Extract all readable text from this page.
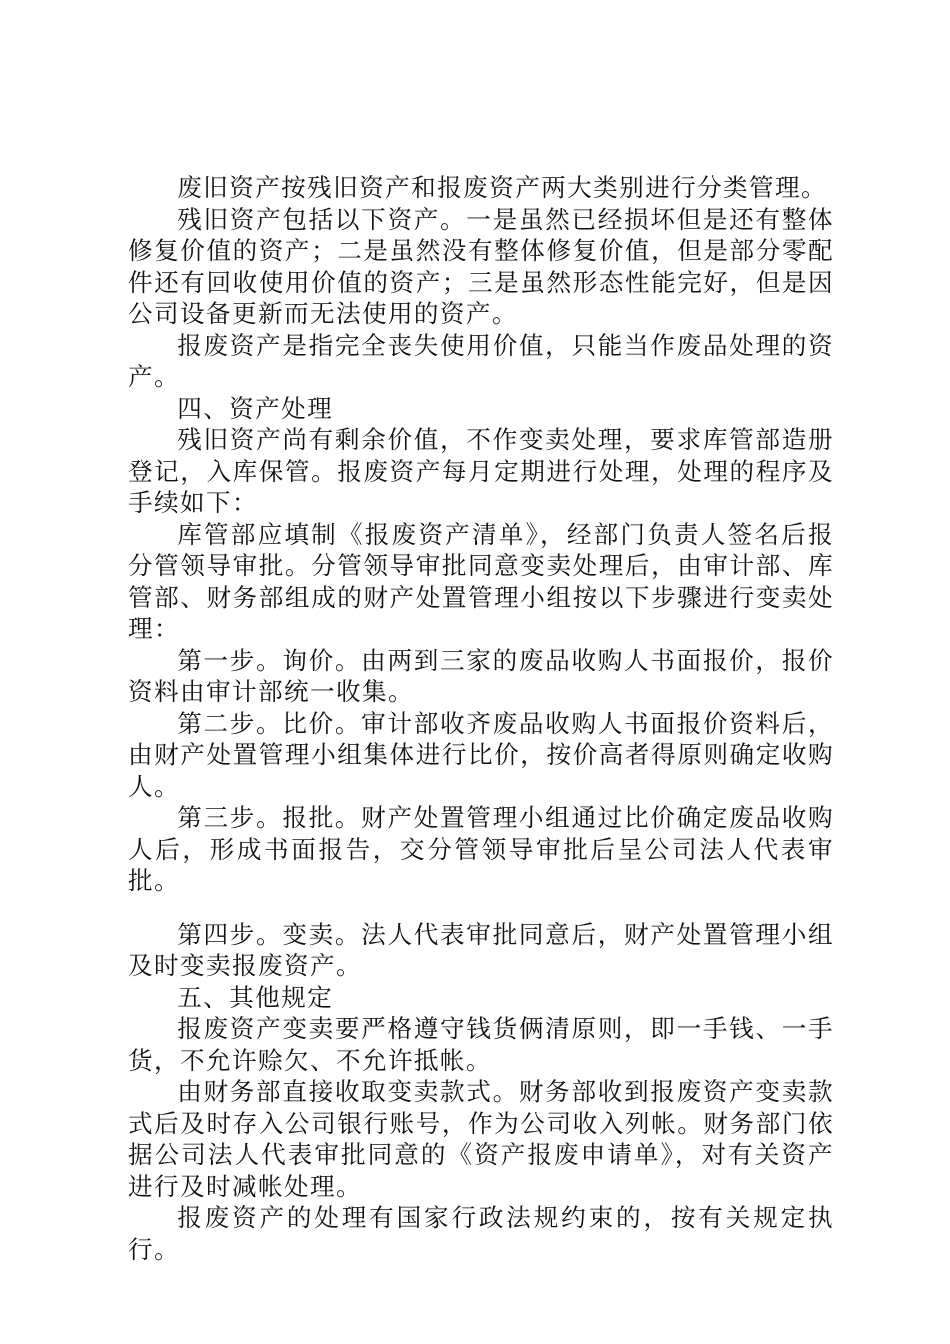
废旧资产按残旧资产和报废资产两大类别进行分类管理。

残旧资产包括以下资产。一是虽然已经损坏但是还有整体修复价值的资产；二是虽然没有整体修复价值，但是部分零配件还有回收使用价值的资产；三是虽然形态性能完好，但是因公司设备更新而无法使用的资产。

报废资产是指完全丧失使用价值，只能当作废品处理的资产。

四、资产处理

残旧资产尚有剩余价值，不作变卖处理，要求库管部造册登记，入库保管。报废资产每月定期进行处理，处理的程序及手续如下：

库管部应填制《报废资产清单》，经部门负责人签名后报分管领导审批。分管领导审批同意变卖处理后，由审计部、库管部、财务部组成的财产处置管理小组按以下步骤进行变卖处理：

第一步。询价。由两到三家的废品收购人书面报价，报价资料由审计部统一收集。

第二步。比价。审计部收齐废品收购人书面报价资料后，由财产处置管理小组集体进行比价，按价高者得原则确定收购人。

第三步。报批。财产处置管理小组通过比价确定废品收购人后，形成书面报告，交分管领导审批后呈公司法人代表审批。

第四步。变卖。法人代表审批同意后，财产处置管理小组及时变卖报废资产。

五、其他规定

报废资产变卖要严格遵守钱货俩清原则，即一手钱、一手货，不允许赊欠、不允许抵帐。

由财务部直接收取变卖款式。财务部收到报废资产变卖款式后及时存入公司银行账号，作为公司收入列帐。财务部门依据公司法人代表审批同意的《资产报废申请单》，对有关资产进行及时减帐处理。

报废资产的处理有国家行政法规约束的，按有关规定执行。
